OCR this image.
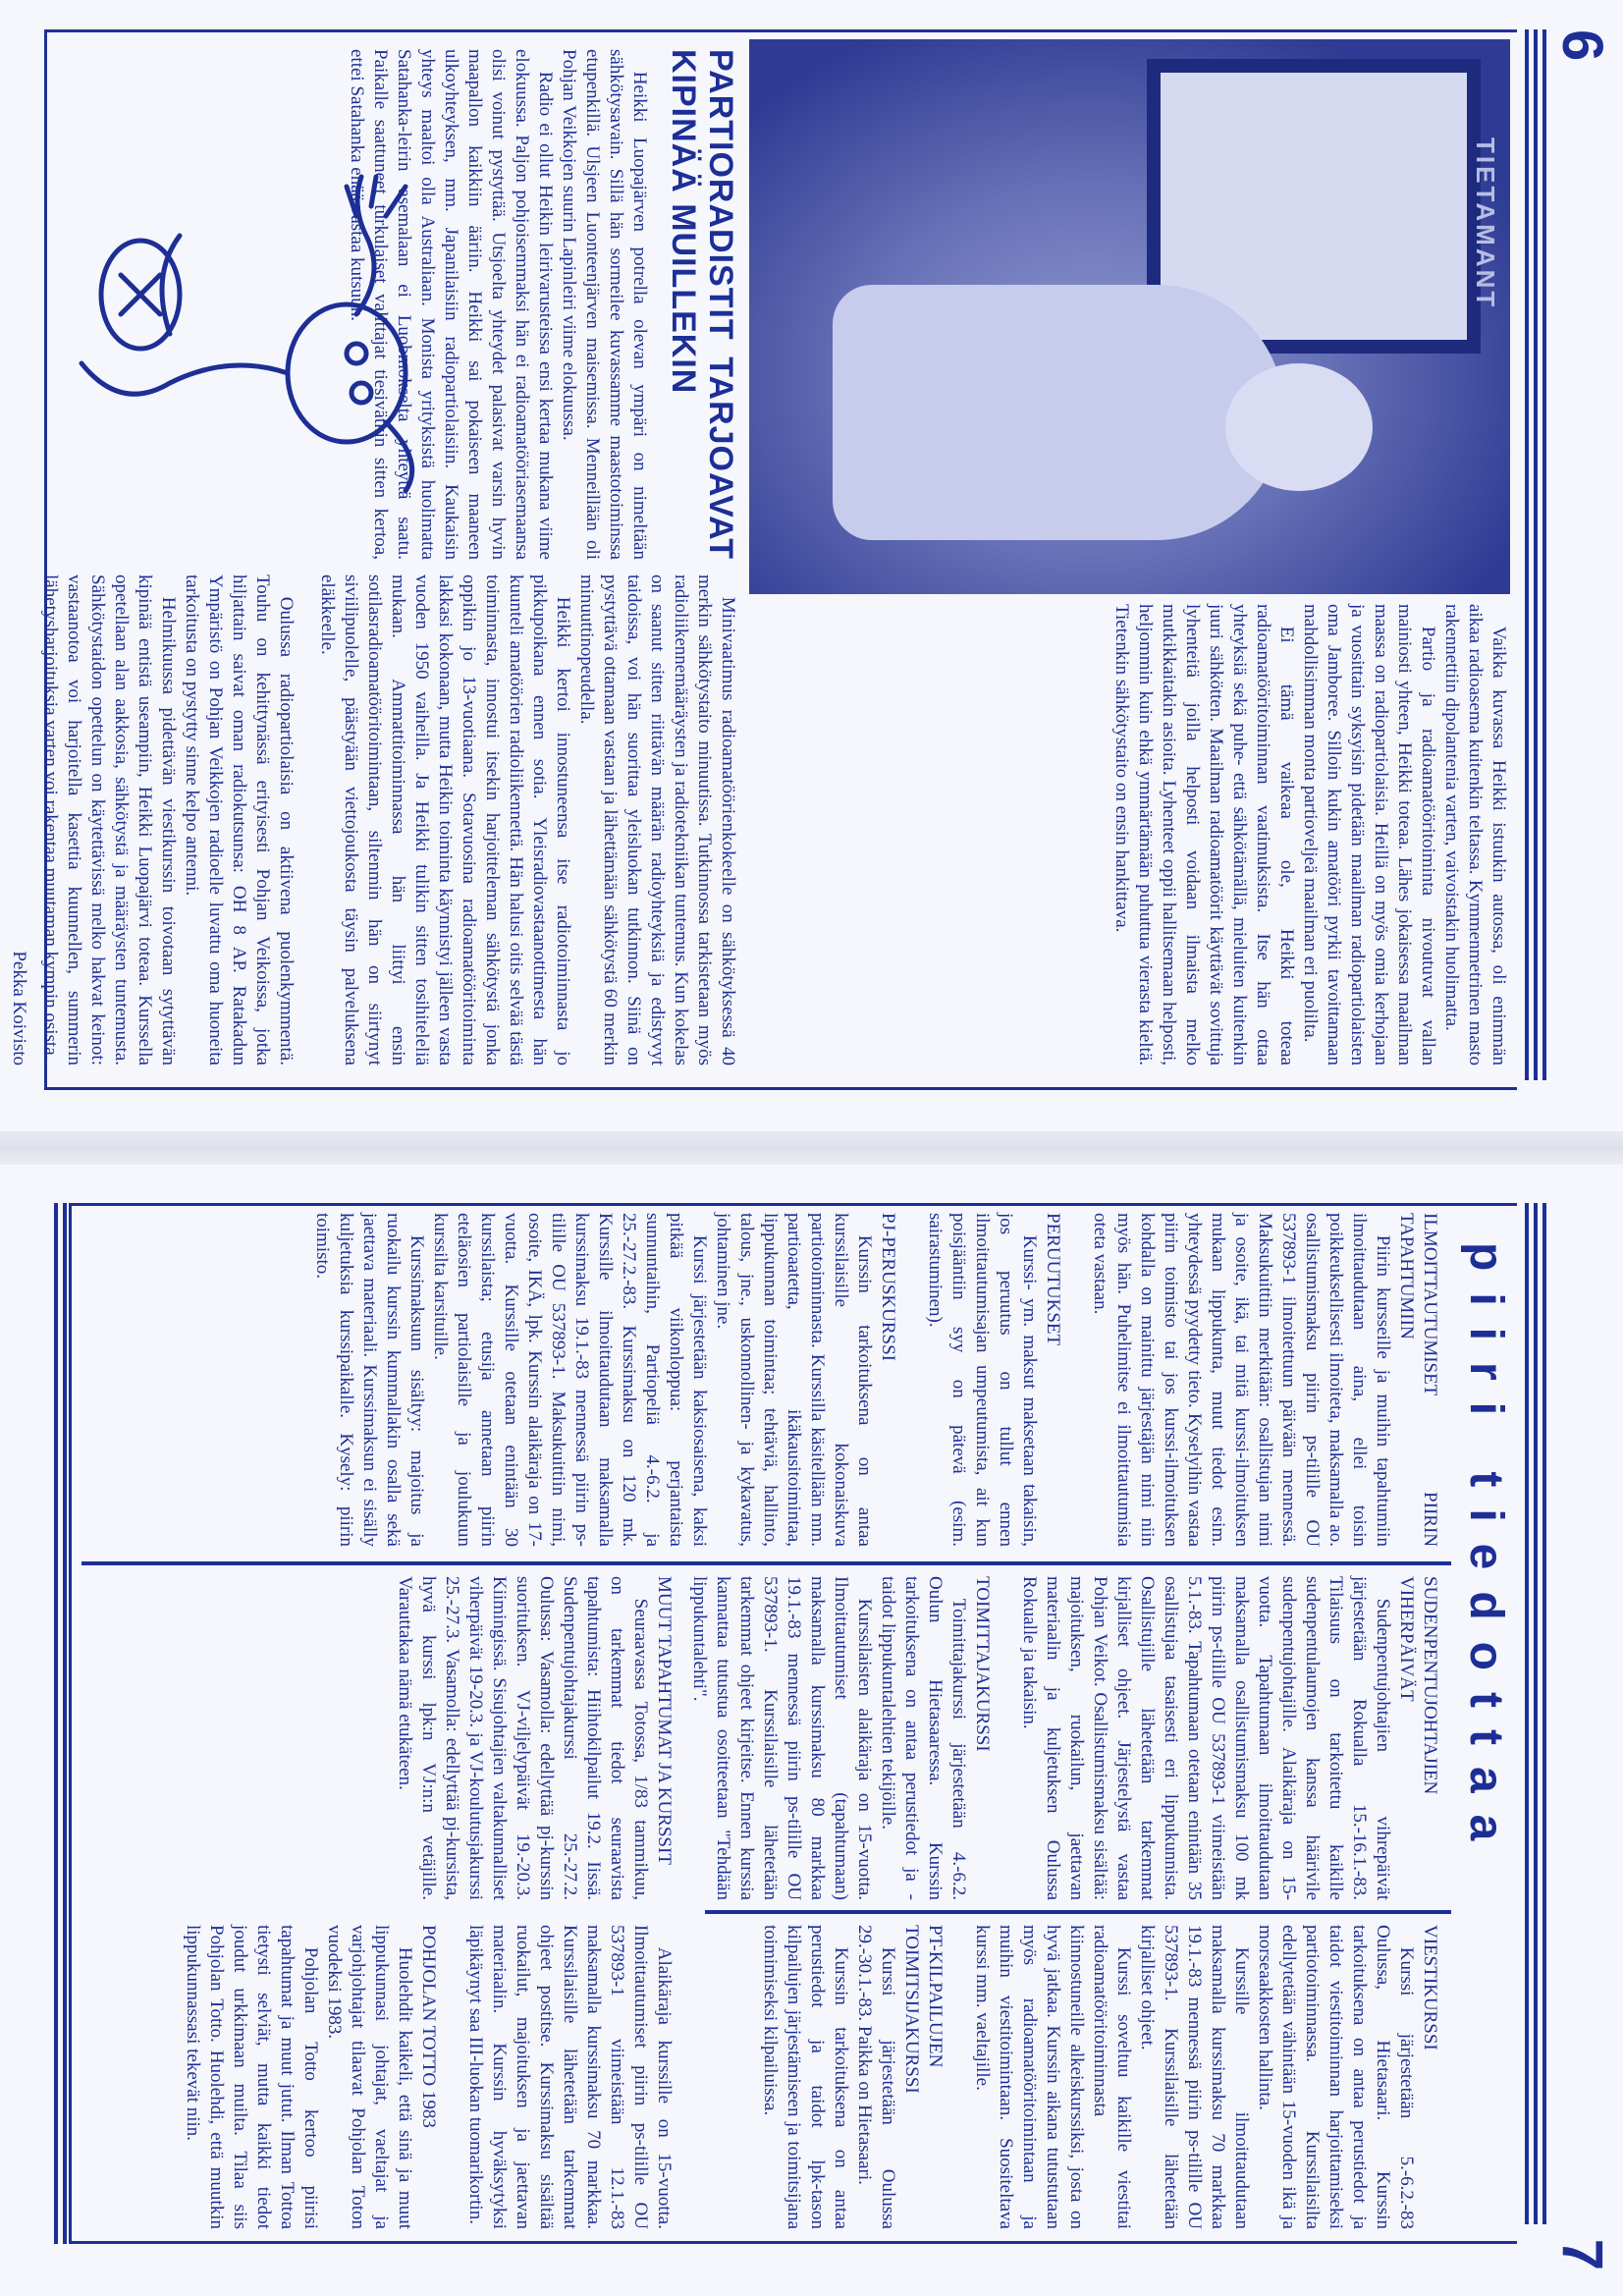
6
TIETAMANT

Vaikka kuvassa Heikki istuukin autossa, oli enimmän aikaa radioasema kuitenkin teltassa. Kymmenmetrinen masto rakennettiin dipolantenia varten, vaivoistakin huolimatta.

Partio ja radioamatööritoiminta nivoutuvat vallan mainiosti yhteen, Heikki toteaa. Lähes jokaisessa maailman maassa on radiopartiolaisia. Heillä on myös omia kerhojaan ja vuosittain syksyisin pidetään maailman radiopartiolaisten oma Jamboree. Silloin kukin amatööri pyrkii tavoittamaan mahdollisimman monta partioveljeä maailman eri puolilta.

Ei tämä vaikeaa ole, Heikki toteaa radioamatööritoiminnan vaatimuksista. Itse hän ottaa yhteyksiä sekä puhe- että sähkötämällä, mieluiten kuitenkin juuri sähkötten. Maailman radioamatöörit käyttävät sovittuja lyhenteitä joilla helposti voidaan ilmaista melko mutkikkaitakin asioita. Lyhenteet oppii hallitsemaan helposti, heljommin kuin ehkä ymmärtämään puhuttua vierasta kieltä. Tietenkin sähkötystaito on ensin hankittava.

Minivaatimus radioamatöörienkokeelle on sähkötyksessä 40 merkin sähkötystaito minuutissa. Tutkinnossa tarkistetaan myös radioliikennemääräysten ja radiotekniikan tuntemus. Kun kokelas on saanut sitten riittävän määrän radioyhteyksiä ja edistyvyt taidoissa, voi hän suorittaa yleisluokan tutkinnon. Siinä on pystyttävä ottamaan vastaan ja lähettämään sähkötystä 60 merkin minuuttinopeudella.

Heikki kertoi innostuneensa itse radiotoiminnasta jo pikkupoikana ennen sotia. Yleisradiovastaanottimesta hän kuunteli amatöörien radioliikennettä. Hän halusi oitis selvää tästä toiminnasta, innostui itsekin harjoitteleman sähkötystä jonka oppikin jo 13-vuotiaana. Sotavuosina radioamatööritoiminta lakkasi kokonaan, mutta Heikin toiminta käynnistyi jälleen vasta vuoden 1950 vaiheilla. Ja Heikki tulikin sitten tosihiteleliä mukaan. Ammattitoiminnassa hän liittyi ensin sotilasradioamatööritoimintaan, siltenmin hän on siirtynyt siviilipuolelle, päästyään viettojoukosta täysin palveluksena eläkkeelle.

Oulussa radiopartiolaisia on aktiivena puolenkymmentä. Touhu on kehittynässä erityisesti Pohjan Veikoissa, jotka hiljattain saivat oman radiokutsunsa: OH 8 AP. Ratakadun Ympäristö on Pohjan Veikkojen radioelle luvattu oma huoneita tarkoitusta on pystytty sinne kelpo antenni.

Helmikuussa pidettävän viestikurssin toivotaan sytyttävän kipinää entistä useampiin, Heikki Luopajärvi toteaa. Kurssella opetellaan alan aakkosia, sähkötystä ja määräysten tuntemusta. Sähkötystaidon opettelun on käytettävissä melko hakvat keinot: vastaanotoa voi harjoitella kasettia kuunnellen, summerin lähetysharjoituksia varten voi rakentaa muutaman kympin osista.

Pekka Koivisto

PARTIORADISTIT TARJOAVAT KIPINÄÄ MUILLEKIN

Heikki Luopajärven potrella olevan ympäri on nimeltään sähkötysavain. Sillä hän sormeilee kuvassamme maastotoiminssa etupenkillä. Ulsjeen Luonteenjärven maisemissa. Menneillään oli Pohjan Veikkojen suurin Lapinleiri viime elokuussa.

Radio ei ollut Heikin leirivarusteissa ensi kertaa mukana viime elokuussa. Paljon pohjoisemmaksi hän ei radioamatööriasemaansa olisi voinut pystyttää. Utsjoelta yhteydet palasivat varsin hyvin maapallon kaikkiin ääriin. Heikki sai pokaiseen maaneen ulkoyhteyksen, mm. Japanilaisiin radiopartiolaisiin. Kaukaisin yhteys maaltoi olla Australiaan. Monista yrityksistä huolimatta Satahanka-leirin asemalaan ei Luobmokselta yhteyttä saatu. Paikalle saattuneet turkulaiset valittajat tiesivätkin sitten kertoa, ettei Satahanka enää vastaa kutsuun.

7
piiri tiedottaa
ILMOITTAUTUMISET PIIRIN TAPAHTUMIIN

Piirin kursseille ja muihin tapahtumiin ilmoittaudutaan aina, ellei toisin poikkeuksellisesti ilmoiteta, maksamalla ao. osallistumismaksu piirin ps-tilille OU 537893-1 ilmoitettuun päivään mennessä. Maksukuittiin merkitään: osallistujan nimi ja osoite, ikä, tai mitä kurssi-ilmoituksen mukaan lippukunta, muut tiedot esim. yhteydessä pyydetty tieto. Kyselyihin vastaa piirin toimisto tai jos kurssi-ilmoituksen kohdalla on mainittu järjestäjän nimi niin myös hän. Puhelimitse ei ilmoittautumisia oteta vastaan.

PERUUTUKSET

Kurssi- ym. maksut maksetaan takaisin, jos peruutus on tullut ennen ilmoittautumisajan umpeutumista, ait kun poisjääntiin syy on pätevä (esim. sairastuminen).

PJ-PERUSKURSSI

Kurssin tarkoituksena on antaa kurssilaisille kokonaiskuva partiotoiminnasta. Kurssilla käsitellään mm. partioaatetta, ikäkausitoimintaa, lippukunnan toimintaa; tehtäviä, hallinto, talous, jne., uskonnollinen- ja kykavatus, johtaminen jne.

Kurssi järjestetään kaksiosaisena, kaksi pitkää viikonloppua: perjantaista sunnuntaihin, Partiopeliä 4.-6.2. ja 25.-27.2.-83. Kurssimaksu on 120 mk. Kurssille ilmoittaudutaan maksamalla kurssimaksu 19.1.-83 mennessä piirin ps-tilille OU 537893-1. Maksukuittiin nimi, osoite, IKÄ, lpk. Kurssin alaikäraja on 17-vuotta. Kurssille otetaan enintään 30 kurssilaista; etusija annetaan piirin eteläosien partiolaisille ja joulukuun kurssilta karsituille.

Kurssimaksuun sisältyy: majoitus ja ruokailu kurssin kummallakin osalla sekä jaettava materiaali. Kurssimaksun ei sisälly kuljetuksia kurssipaikalle. Kysely: piirin toimisto.

SUDENPENTUJOHTAJIEN VIHERPÄIVÄT

Sudenpentujohtajien vihrepäivät järjestetään Rokualla 15.-16.1.-83. Tilaisuus on tarkoitettu kaikille sudenpentulaumojen kanssa häärivile sudenpentujohtajille. Alaikäraja on 15-vuotta. Tapahtumaan ilmoittaudutaan maksamalla osallistumismaksu 100 mk piirin ps-tilille OU 537893-1 viimeistään 5.1.-83. Tapahtumaan otetaan enintään 35 osallistujaa tasaisesti eri lippukunnista. Osallistujille lähetetään tarkemmat kirjalliset ohjeet. Järjestelystä vastaa Pohjan Veikot. Osallistumismaksu sisältää: majoituksen, ruokailun, jaettavan materiaalin ja kuljetuksen Oulussa Rokualle ja takaisin.

TOIMITTAJAKURSSI

Toimittajakurssi järjestetään 4.-6.2. Oulun Hietasaaressa. Kurssin tarkoituksena on antaa perustiedot ja -taidot lippukuntalehtien tekijöille.

Kurssilaisten alaikäraja on 15-vuotta. Ilmoittautumiset (tapahtumaan) maksamalla kurssimaksu 80 markkaa 19.1.-83 mennessä piirin ps-tilille OU 537893-1. Kurssilaisille lähetetään tarkemmat ohjeet kirjeitse. Ennen kurssia kannattaa tutustua osoitteetaan "Tehdään lippukuntalehti".

MUUT TAPAHTUMAT JA KURSSIT

Seuraavassa Totossa, 1/83 tammikuu, on tarkemmat tiedot seuraavista tapahtumista: Hiihtokilpailut 19.2. Iissä. Sudenpentujohtajakurssi 25.-27.2. Oulussa: Vasamolla: edellyttää pj-kurssin suorituksen. VJ-viljelypäivät 19.-20.3. Kiimingissä. Sisujohtajien valtakunnalliset viherpäivät 19-20.3. ja VJ-koulutusjakurssi 25.-27.3. Vasamolla: edellyttää pj-kursista, hyvä kurssi lpk:n VJ:n:n vetäjille. Varauttakaa nämä etukäteen.

VIESTIKURSSI

Kurssi järjestetään 5.-6.2.-83 Oulussa, Hietasaari. Kurssin tarkoituksena on antaa perustiedot ja taidot viestitoiminnan harjoittamiseksi partiotoiminnassa. Kurssilaisilta edellytetään vähintään 15-vuoden ikä ja morseaakkosten hallinta.

Kurssille ilmoittaudutaan maksamalla kurssimaksu 70 markkaa 19.1.-83 mennessä piirin ps-tilille OU 537893-1. Kurssilaisille lähetetään kirjalliset ohjeet.

Kurssi soveltuu kaikille viestitai radioamatööritoiminnasta kiinnostuneille alkeiskurssiksi, josta on hyvä jatkaa. Kurssin aikana tutustutaan myös radioamatööritoimintaan ja muihin viestitoimintaan. Suositeltava kurssi mm. vaeltajille.

PT-KILPAILUJEN TOIMITSIJAKURSSI

Kurssi järjestetään Oulussa 29.-30.1.-83. Paikka on Hietasaari.

Kurssin tarkoituksena on antaa perustiedot ja taidot lpk-tason kilpailujen järjestämiseen ja toimitsijana toimimiseksi kilpailuissa.

Alaikäraja kurssille on 15-vuotta. Ilmoittautumiset piirin ps-tilille OU 537893-1 viimeistään 12.1.-83 maksamalla kurssimaksu 70 markkaa. Kurssilaisille lähetetään tarkemmat ohjeet postitse. Kurssimaksu sisältää ruokailut, majoituksen ja jaettavan materiaalin. Kurssin hyväksytyksi läpikäynyt saa III-luokan tuomarikortin.

POHJOLAN TOTTO 1983

Huolehdit kaikeli, että sinä ja muut lippukunnasi johtajat, vaeltajat ja varjohjohtajat tilaavat Pohjolan Toton vuodeksi 1983.

Pohjolan Totto kertoo piirisi tapahtumat ja muut jutut. Ilman Tottoa tietysti selviät, mutta kaikki tiedot joudut urkkimaan muilta. Tilaa siis Pohjolan Totto. Huolehdi, että muutkin lippukunnassasi tekevät niin.
